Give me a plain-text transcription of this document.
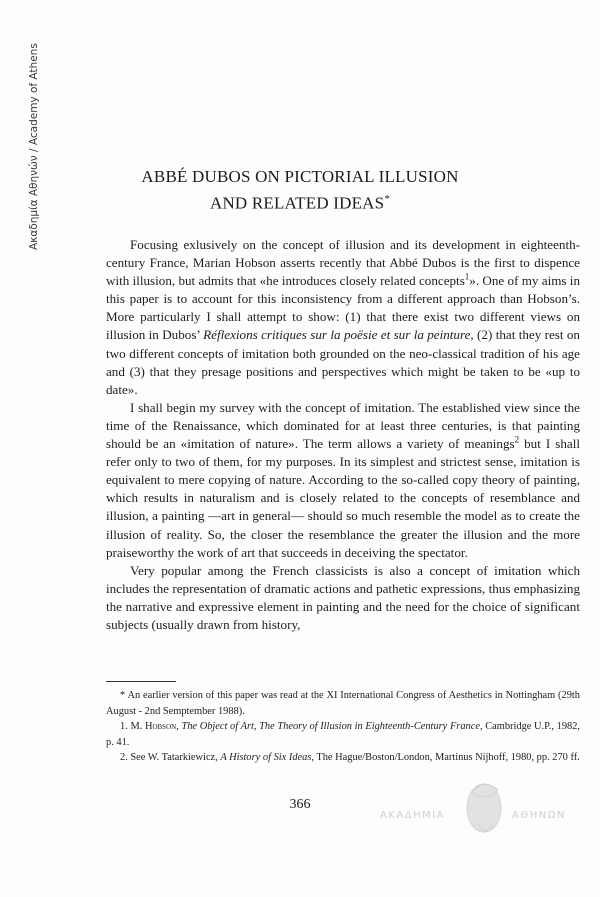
Ακαδημία Αθηνών / Academy of Athens	ABBÉ DUBOS ON PICTORIAL ILLUSION
AND RELATED IDEAS*

Focusing exlusively on the concept of illusion and its development in eighteenth-century France, Marian Hobson asserts recently that Abbé Dubos is the first to dispence with illusion, but admits that «he introduces closely related concepts$^1$». One of my aims in this paper is to account for this inconsistency from a different approach than Hobson’s. More particularly I shall attempt to show: (1) that there exist two different views on illusion in Dubos’ Réflexions critiques sur la poësie et sur la peinture, (2) that they rest on two different concepts of imitation both grounded on the neo-classical tradition of his age and (3) that they presage positions and perspectives which might be taken to be «up to date».

I shall begin my survey with the concept of imitation. The established view since the time of the Renaissance, which dominated for at least three centuries, is that painting should be an «imitation of nature». The term allows a variety of meanings$^2$ but I shall refer only to two of them, for my purposes. In its simplest and strictest sense, imitation is equivalent to mere copying of nature. According to the so-called copy theory of painting, which results in naturalism and is closely related to the concepts of resemblance and illusion, a painting —art in general— should so much resemble the model as to create the illusion of reality. So, the closer the resemblance the greater the illusion and the more praiseworthy the work of art that succeeds in deceiving the spectator.

Very popular among the French classicists is also a concept of imitation which includes the representation of dramatic actions and pathetic expressions, thus emphasizing the narrative and expressive element in painting and the need for the choice of significant subjects (usually drawn from history,

* An earlier version of this paper was read at the XI International Congress of Aesthetics in Nottingham (29th August - 2nd Semptember 1988).

1. M. Hobson, The Object of Art, The Theory of Illusion in Eighteenth-Century France, Cambridge U.P., 1982, p. 41.

2. See W. Tatarkiewicz, A History of Six Ideas, The Hague/Boston/London, Martinus Nijhoff, 1980, pp. 270 ff.

366
ΑΚΑΔΗΜΙΑ	ΑΘΗΝΩΝ
